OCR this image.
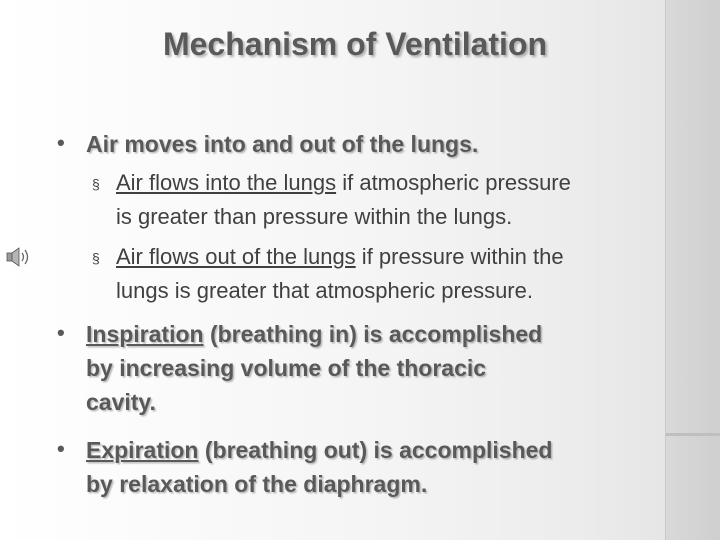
Mechanism of Ventilation
• Air moves into and out of the lungs.
§ Air flows into the lungs if atmospheric pressure
is greater than pressure within the lungs.
§ Air flows out of the lungs if pressure within the
lungs is greater that atmospheric pressure.
• Inspiration (breathing in) is accomplished
by increasing volume of the thoracic
cavity.
• Expiration (breathing out) is accomplished
by relaxation of the diaphragm.
